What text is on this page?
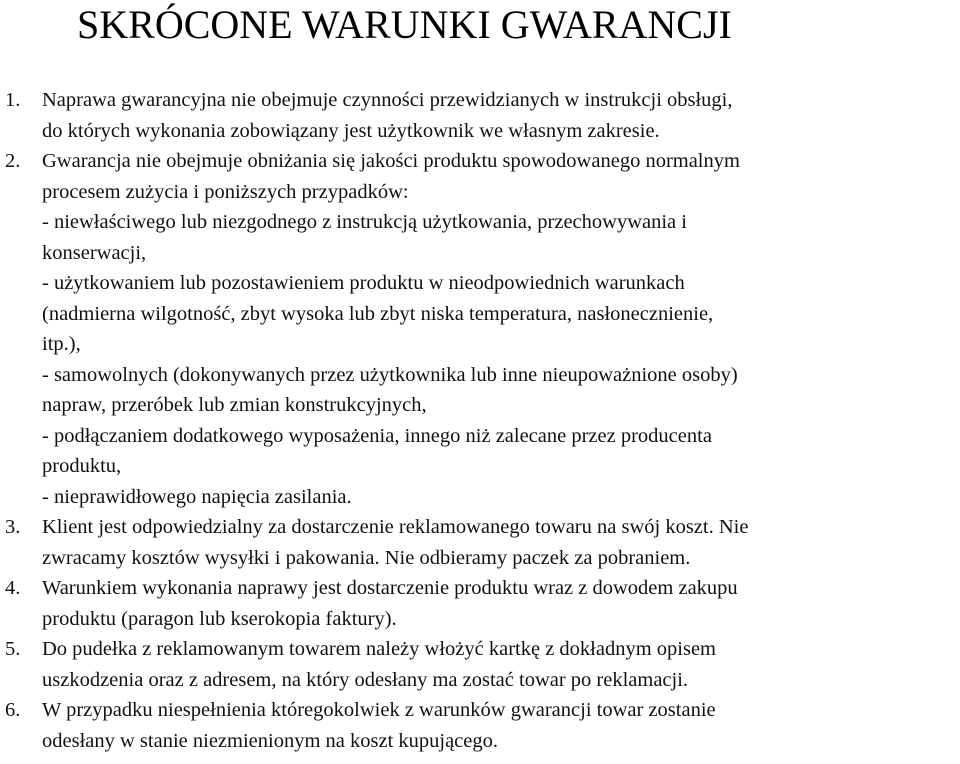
SKRÓCONE WARUNKI GWARANCJI
1. Naprawa gwarancyjna nie obejmuje czynności przewidzianych w instrukcji obsługi,
do których wykonania zobowiązany jest użytkownik we własnym zakresie.
2. Gwarancja nie obejmuje obniżania się jakości produktu spowodowanego normalnym
procesem zużycia i poniższych przypadków:
- niewłaściwego lub niezgodnego z instrukcją użytkowania, przechowywania i
konserwacji,
- użytkowaniem lub pozostawieniem produktu w nieodpowiednich warunkach
(nadmierna wilgotność, zbyt wysoka lub zbyt niska temperatura, nasłonecznienie,
itp.),
- samowolnych (dokonywanych przez użytkownika lub inne nieupoważnione osoby)
napraw, przeróbek lub zmian konstrukcyjnych,
- podłączaniem dodatkowego wyposażenia, innego niż zalecane przez producenta
produktu,
- nieprawidłowego napięcia zasilania.
3. Klient jest odpowiedzialny za dostarczenie reklamowanego towaru na swój koszt. Nie
zwracamy kosztów wysyłki i pakowania. Nie odbieramy paczek za pobraniem.
4. Warunkiem wykonania naprawy jest dostarczenie produktu wraz z dowodem zakupu
produktu (paragon lub kserokopia faktury).
5. Do pudełka z reklamowanym towarem należy włożyć kartkę z dokładnym opisem
uszkodzenia oraz z adresem, na który odesłany ma zostać towar po reklamacji.
6. W przypadku niespełnienia któregokolwiek z warunków gwarancji towar zostanie
odesłany w stanie niezmienionym na koszt kupującego.
